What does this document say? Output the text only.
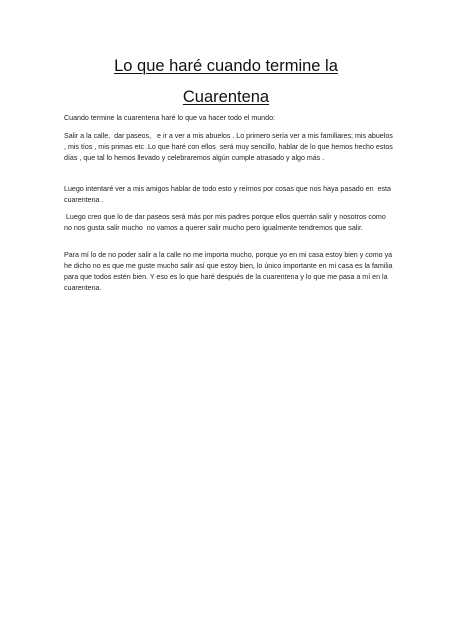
Lo que haré cuando termine la
Cuarentena

Cuando termine la cuarentena haré lo que va hacer todo el mundo:

Salir a la calle,  dar paseos,   e ir a ver a mis abuelos . Lo primero sería ver a mis familiares; mis abuelos , mis tíos , mis primas etc .Lo que haré con ellos  será muy sencillo, hablar de lo que hemos hecho estos días , que tal lo hemos llevado y celebraremos algún cumple atrasado y algo más .

Luego intentaré ver a mis amigos hablar de todo esto y reírnos por cosas que nos haya pasado en  esta cuarentena .

Luego creo que lo de dar paseos será más por mis padres porque ellos querrán salir y nosotros como no nos gusta salir mucho  no vamos a querer salir mucho pero igualmente tendremos que salir.

Para mí lo de no poder salir a la calle no me importa mucho, porque yo en mi casa estoy bien y como ya he dicho no es que me guste mucho salir así que estoy bien, lo único importante en mi casa es la familia para que todos estén bien. Y eso es lo que haré después de la cuarentena y lo que me pasa a mí en la cuarentena.
